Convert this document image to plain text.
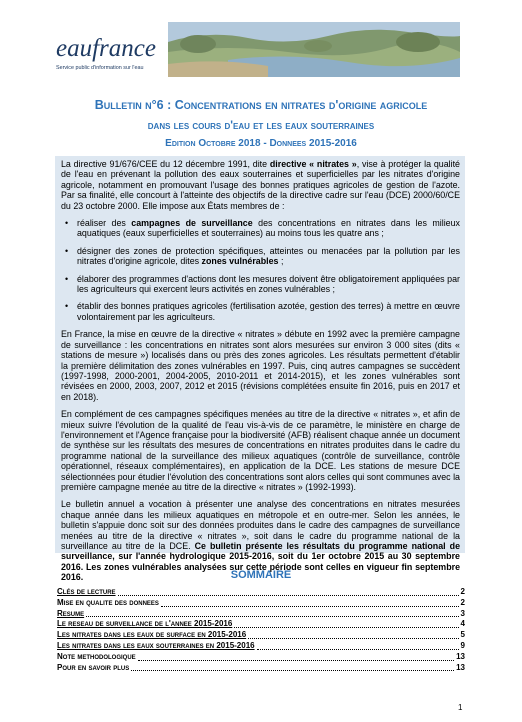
eaufrance
Service public d'information sur l'eau
Bulletin n°6 : Concentrations en nitrates d'origine agricole
dans les cours d'eau et les eaux souterraines
Edition Octobre 2018 - Donnees 2015-2016

La directive 91/676/CEE du 12 décembre 1991, dite directive « nitrates », vise à protéger la qualité de l'eau en prévenant la pollution des eaux souterraines et superficielles par les nitrates d'origine agricole, notamment en promouvant l'usage des bonnes pratiques agricoles de gestion de l'azote. Par sa finalité, elle concourt à l'atteinte des objectifs de la directive cadre sur l'eau (DCE) 2000/60/CE du 23 octobre 2000. Elle impose aux États membres de :

• réaliser des campagnes de surveillance des concentrations en nitrates dans les milieux aquatiques (eaux superficielles et souterraines) au moins tous les quatre ans ;
• désigner des zones de protection spécifiques, atteintes ou menacées par la pollution par les nitrates d'origine agricole, dites zones vulnérables ;
• élaborer des programmes d'actions dont les mesures doivent être obligatoirement appliquées par les agriculteurs qui exercent leurs activités en zones vulnérables ;
• établir des bonnes pratiques agricoles (fertilisation azotée, gestion des terres) à mettre en œuvre volontairement par les agriculteurs.

En France, la mise en œuvre de la directive « nitrates » débute en 1992 avec la première campagne de surveillance : les concentrations en nitrates sont alors mesurées sur environ 3 000 sites (dits « stations de mesure ») localisés dans ou près des zones agricoles. Les résultats permettent d'établir la première délimitation des zones vulnérables en 1997. Puis, cinq autres campagnes se succèdent (1997-1998, 2000-2001, 2004-2005, 2010-2011 et 2014-2015), et les zones vulnérables sont révisées en 2000, 2003, 2007, 2012 et 2015 (révisions complétées ensuite fin 2016, puis en 2017 et en 2018).

En complément de ces campagnes spécifiques menées au titre de la directive « nitrates », et afin de mieux suivre l'évolution de la qualité de l'eau vis-à-vis de ce paramètre, le ministère en charge de l'environnement et l'Agence française pour la biodiversité (AFB) réalisent chaque année un document de synthèse sur les résultats des mesures de concentrations en nitrates produites dans le cadre du programme national de la surveillance des milieux aquatiques (contrôle de surveillance, contrôle opérationnel, réseaux complémentaires), en application de la DCE. Les stations de mesure DCE sélectionnées pour étudier l'évolution des concentrations sont alors celles qui sont communes avec la première campagne menée au titre de la directive « nitrates » (1992-1993).

Le bulletin annuel a vocation à présenter une analyse des concentrations en nitrates mesurées chaque année dans les milieux aquatiques en métropole et en outre-mer. Selon les années, le bulletin s'appuie donc soit sur des données produites dans le cadre des campagnes de surveillance menées au titre de la directive « nitrates », soit dans le cadre du programme national de la surveillance au titre de la DCE. Ce bulletin présente les résultats du programme national de surveillance, sur l'année hydrologique 2015-2016, soit du 1er octobre 2015 au 30 septembre 2016. Les zones vulnérables analysées sur cette période sont celles en vigueur fin septembre 2016.	SOMMAIRE
Clés de lecture	2
Mise en qualite des donnees	2
Resume	3
Le reseau de surveillance de l'annee 2015-2016	4
Les nitrates dans les eaux de surface en 2015-2016	5
Les nitrates dans les eaux souterraines en 2015-2016	9
Note methodologique	13
Pour en savoir plus	13
1
